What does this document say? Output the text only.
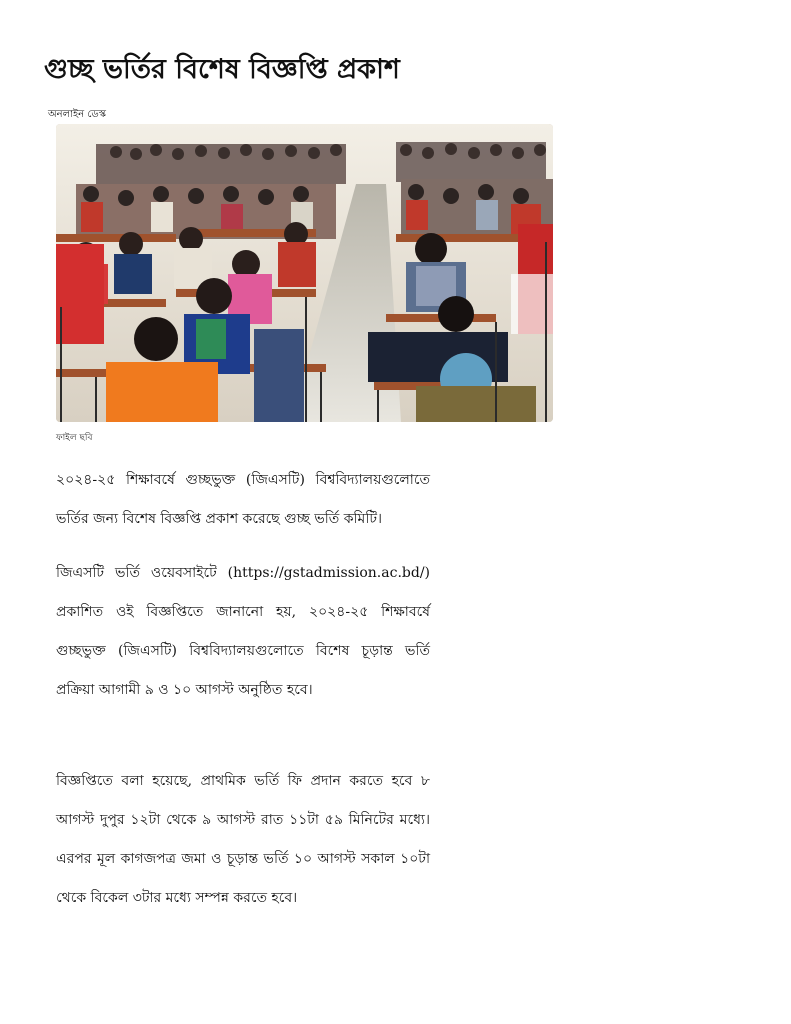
গুচ্ছ ভর্তির বিশেষ বিজ্ঞপ্তি প্রকাশ
অনলাইন ডেস্ক
ফাইল ছবি

২০২৪-২৫ শিক্ষাবর্ষে গুচ্ছভুক্ত (জিএসটি) বিশ্ববিদ্যালয়গুলোতে ভর্তির জন্য বিশেষ বিজ্ঞপ্তি প্রকাশ করেছে গুচ্ছ ভর্তি কমিটি।

জিএসটি ভর্তি ওয়েবসাইটে (https://gstadmission.ac.bd/) প্রকাশিত ওই বিজ্ঞপ্তিতে জানানো হয়, ২০২৪-২৫ শিক্ষাবর্ষে গুচ্ছভুক্ত (জিএসটি) বিশ্ববিদ্যালয়গুলোতে বিশেষ চূড়ান্ত ভর্তি প্রক্রিয়া আগামী ৯ ও ১০ আগস্ট অনুষ্ঠিত হবে।

বিজ্ঞপ্তিতে বলা হয়েছে, প্রাথমিক ভর্তি ফি প্রদান করতে হবে ৮ আগস্ট দুপুর ১২টা থেকে ৯ আগস্ট রাত ১১টা ৫৯ মিনিটের মধ্যে। এরপর মূল কাগজপত্র জমা ও চূড়ান্ত ভর্তি ১০ আগস্ট সকাল ১০টা থেকে বিকেল ৩টার মধ্যে সম্পন্ন করতে হবে।
